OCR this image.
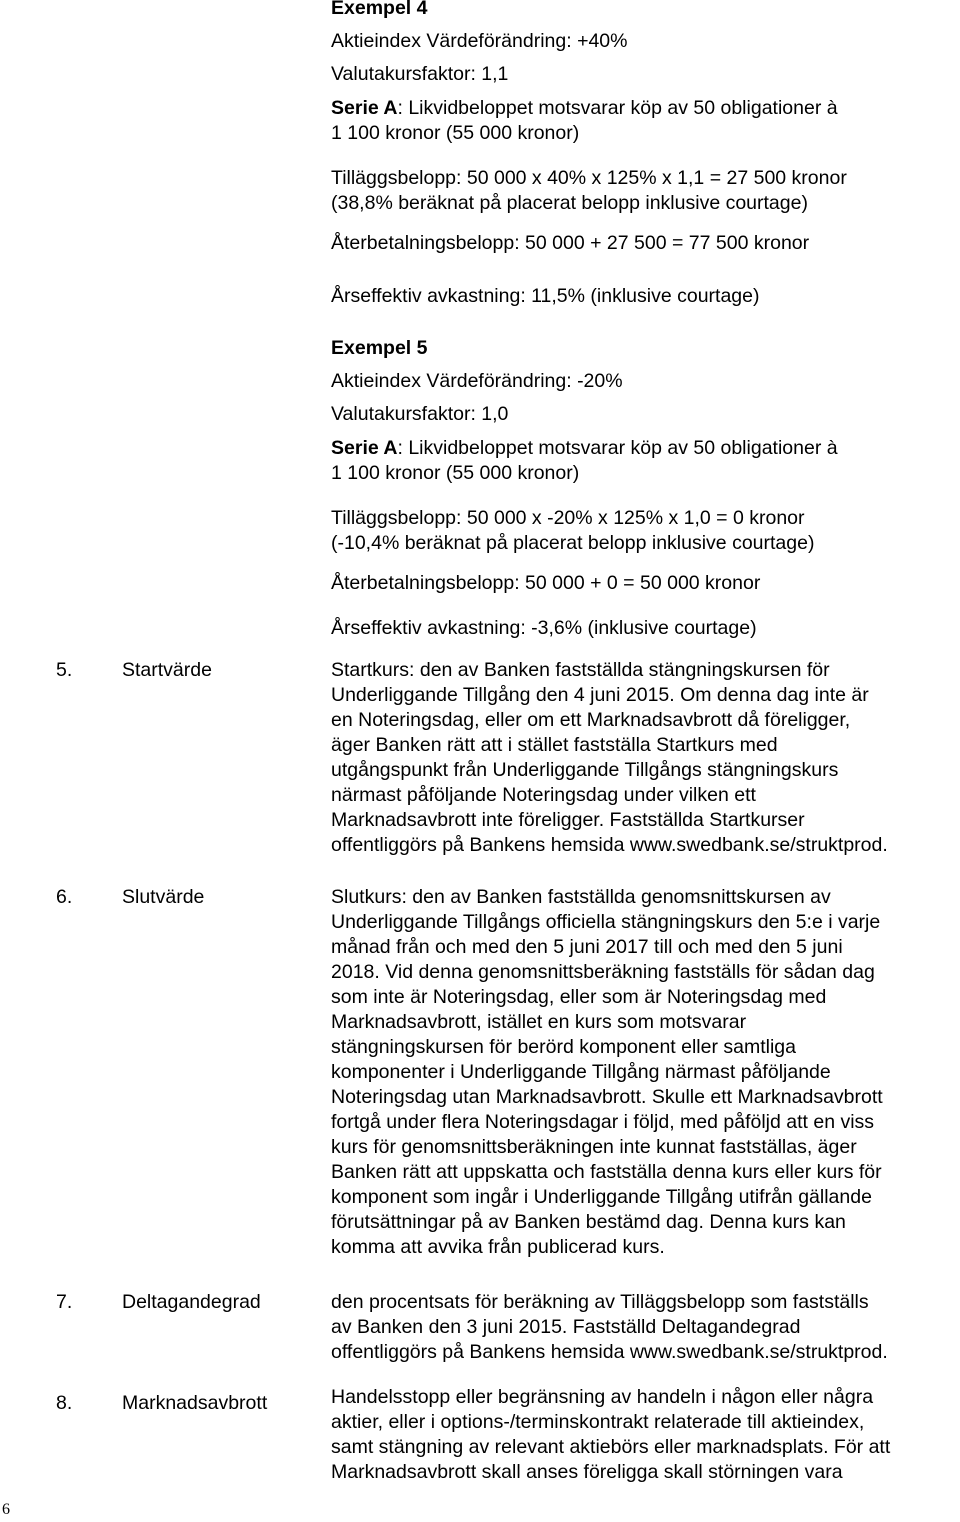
Exempel 4
Aktieindex Värdeförändring: +40%
Valutakursfaktor: 1,1
Serie A: Likvidbeloppet motsvarar köp av 50 obligationer à
1 100 kronor (55 000 kronor)
Tilläggsbelopp: 50 000 x 40% x 125% x 1,1 = 27 500 kronor
(38,8% beräknat på placerat belopp inklusive courtage)
Återbetalningsbelopp: 50 000 + 27 500 = 77 500 kronor
Årseffektiv avkastning: 11,5% (inklusive courtage)
Exempel 5
Aktieindex Värdeförändring: -20%
Valutakursfaktor: 1,0
Serie A: Likvidbeloppet motsvarar köp av 50 obligationer à
1 100 kronor (55 000 kronor)
Tilläggsbelopp: 50 000 x -20% x 125% x 1,0 = 0 kronor
(-10,4% beräknat på placerat belopp inklusive courtage)
Återbetalningsbelopp: 50 000 + 0 = 50 000 kronor
Årseffektiv avkastning: -3,6% (inklusive courtage)
5.	Startvärde	Startkurs: den av Banken fastställda stängningskursen för
Underliggande Tillgång den 4 juni 2015. Om denna dag inte är
en Noteringsdag, eller om ett Marknadsavbrott då föreligger,
äger Banken rätt att i stället fastställa Startkurs med
utgångspunkt från Underliggande Tillgångs stängningskurs
närmast påföljande Noteringsdag under vilken ett
Marknadsavbrott inte föreligger. Fastställda Startkurser
offentliggörs på Bankens hemsida www.swedbank.se/struktprod.
6.	Slutvärde	Slutkurs: den av Banken fastställda genomsnittskursen av
Underliggande Tillgångs officiella stängningskurs den 5:e i varje
månad från och med den 5 juni 2017 till och med den 5 juni
2018. Vid denna genomsnittsberäkning fastställs för sådan dag
som inte är Noteringsdag, eller som är Noteringsdag med
Marknadsavbrott, istället en kurs som motsvarar
stängningskursen för berörd komponent eller samtliga
komponenter i Underliggande Tillgång närmast påföljande
Noteringsdag utan Marknadsavbrott. Skulle ett Marknadsavbrott
fortgå under flera Noteringsdagar i följd, med påföljd att en viss
kurs för genomsnittsberäkningen inte kunnat fastställas, äger
Banken rätt att uppskatta och fastställa denna kurs eller kurs för
komponent som ingår i Underliggande Tillgång utifrån gällande
förutsättningar på av Banken bestämd dag. Denna kurs kan
komma att avvika från publicerad kurs.
7.	Deltagandegrad	den procentsats för beräkning av Tilläggsbelopp som fastställs
av Banken den 3 juni 2015. Fastställd Deltagandegrad
offentliggörs på Bankens hemsida www.swedbank.se/struktprod.
8.	Marknadsavbrott	Handelsstopp eller begränsning av handeln i någon eller några
aktier, eller i options-/terminskontrakt relaterade till aktieindex,
samt stängning av relevant aktiebörs eller marknadsplats. För att
Marknadsavbrott skall anses föreligga skall störningen vara
6
